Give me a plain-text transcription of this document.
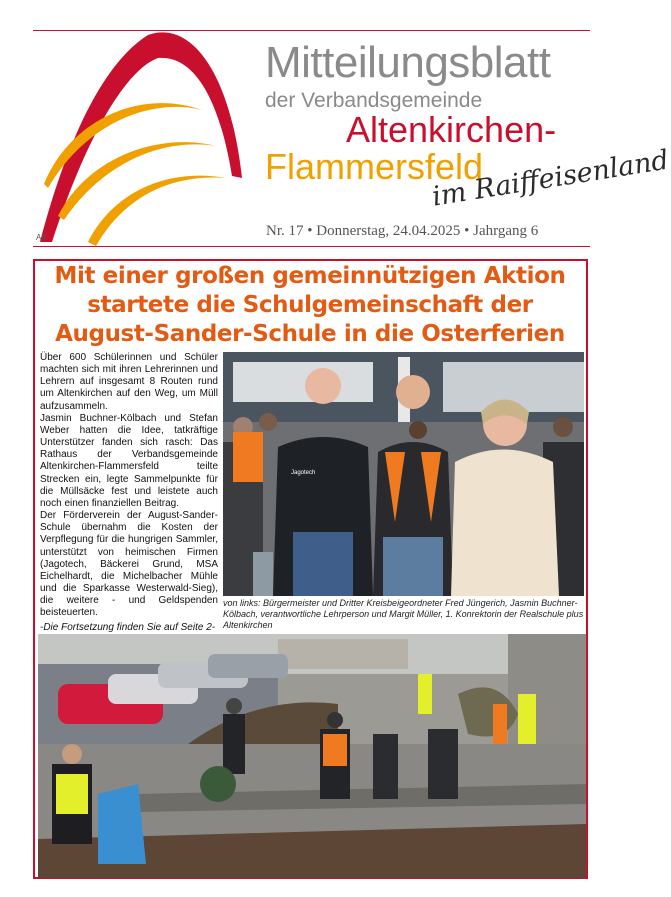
Mitteilungsblatt
der Verbandsgemeinde
Altenkirchen-
Flammersfeld
im Raiffeisenland
AK	Nr. 17 • Donnerstag, 24.04.2025 • Jahrgang 6
Mit einer großen gemeinnützigen Aktion startete die Schulgemeinschaft der August-Sander-Schule in die Osterferien

Über 600 Schülerinnen und Schüler machten sich mit ihren Lehrerinnen und Lehrern auf insgesamt 8 Routen rund um Altenkirchen auf den Weg, um Müll aufzusammeln.

Jasmin Buchner-Kölbach und Stefan Weber hatten die Idee, tatkräftige Unterstützer fanden sich rasch: Das Rathaus der Verbandsgemeinde Altenkirchen-Flammersfeld teilte Strecken ein, legte Sammelpunkte für die Müllsäcke fest und leistete auch noch einen finanziellen Beitrag.

Der Förderverein der August-Sander-Schule übernahm die Kosten der Verpflegung für die hungrigen Sammler, unterstützt von heimischen Firmen (Jagotech, Bäckerei Grund, MSA Eichelhardt, die Michelbacher Mühle und die Sparkasse Westerwald-Sieg), die weitere - und Geldspenden beisteuerten.

-Die Fortsetzung finden Sie auf Seite 2-

Jagotech
von links: Bürgermeister und Dritter Kreisbeigeordneter Fred Jüngerich, Jasmin Buchner-Kölbach, verantwortliche Lehrperson und Margit Müller, 1. Konrektorin der Realschule plus Altenkirchen
